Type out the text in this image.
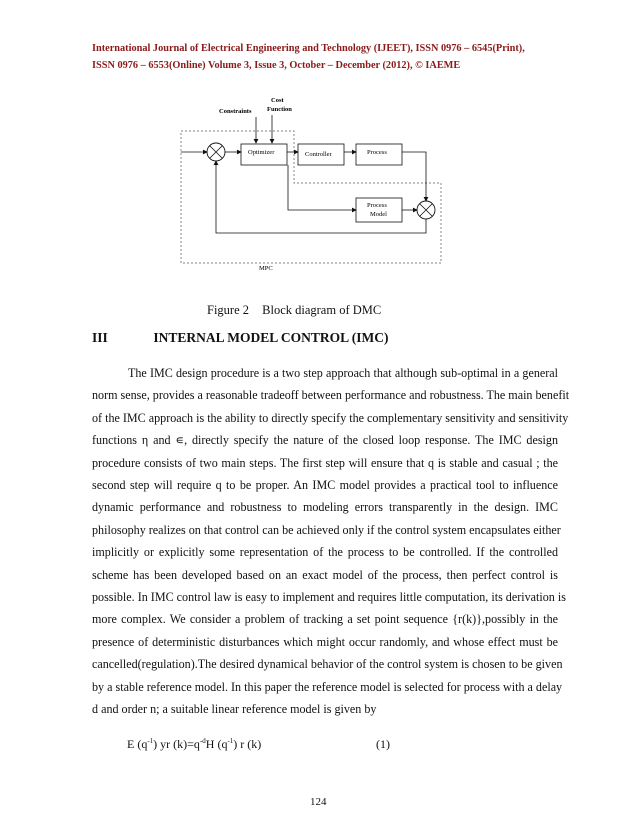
International Journal of Electrical Engineering and Technology (IJEET), ISSN 0976 – 6545(Print),
ISSN 0976 – 6553(Online) Volume 3, Issue 3, October – December (2012), © IAEME
Constraints
Cost
Function
Optimizer	Controller	Process
Process
Model
MPC
Figure 2 Block diagram of DMC
III	INTERNAL MODEL CONTROL (IMC)
The IMC design procedure is a two step approach that although sub-optimal in a general
norm sense, provides a reasonable tradeoff between performance and robustness. The main benefit
of the IMC approach is the ability to directly specify the complementary sensitivity and sensitivity
functions η and ∊, directly specify the nature of the closed loop response. The IMC design
procedure consists of two main steps. The first step will ensure that q is stable and casual ; the
second step will require q to be proper. An IMC model provides a practical tool to influence
dynamic performance and robustness to modeling errors transparently in the design. IMC
philosophy realizes on that control can be achieved only if the control system encapsulates either
implicitly or explicitly some representation of the process to be controlled. If the controlled
scheme has been developed based on an exact model of the process, then perfect control is
possible. In IMC control law is easy to implement and requires little computation, its derivation is
more complex. We consider a problem of tracking a set point sequence {r(k)},possibly in the
presence of deterministic disturbances which might occur randomly, and whose effect must be
cancelled(regulation).The desired dynamical behavior of the control system is chosen to be given
by a stable reference model. In this paper the reference model is selected for process with a delay
d and order n; a suitable linear reference model is given by
E $(q^{-1})$ yr $(k)=q^{-d}H$ $(q^{-1})$ r (k)	(1)
124
